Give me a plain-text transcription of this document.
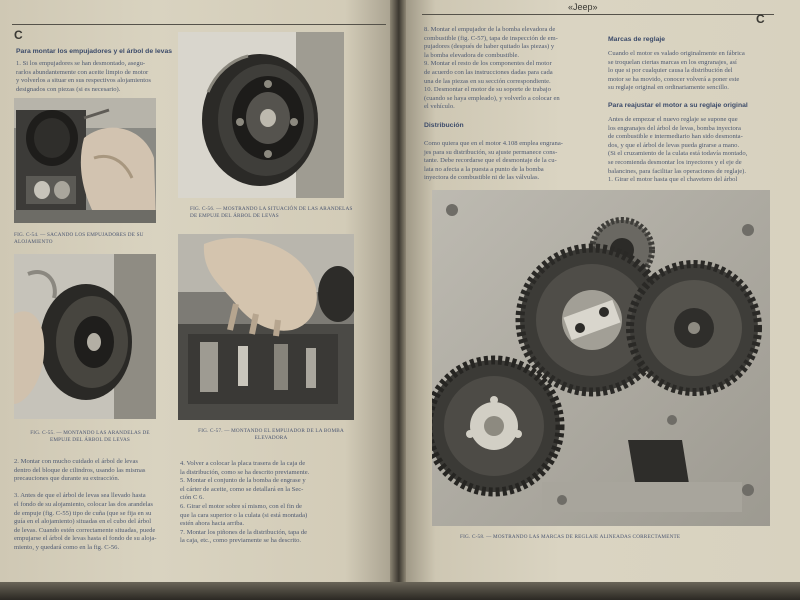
C
Para montar los empujadores y el árbol de levas
1. Si los empujadores se han desmontado, asegu-
rarlos abundantemente con aceite limpio de motor
y volverlos a situar en sus respectivos alojamientos
designados con piezas (si es necesario).
FIG. C-54. — SACANDO LOS EMPUJADORES DE SU ALOJAMIENTO
FIG. C-56. — MOSTRANDO LA SITUACIÓN DE LAS ARANDELAS DE EMPUJE DEL ÁRBOL DE LEVAS
FIG. C-55. — MONTANDO LAS ARANDELAS DE EMPUJE DEL ÁRBOL DE LEVAS
FIG. C-57. — MONTANDO EL EMPUJADOR DE LA BOMBA ELEVADORA
2. Montar con mucho cuidado el árbol de levas
dentro del bloque de cilindros, usando las mismas
precauciones que durante su extracción.

3. Antes de que el árbol de levas sea llevado hasta
el fondo de su alojamiento, colocar las dos arandelas
de empuje (fig. C-55) tipo de cuña (que se fija en su
guía en el alojamiento) situadas en el cubo del árbol
de levas. Cuando estén correctamente situadas, puede
empujarse el árbol de levas hasta el fondo de su aloja-
miento, y quedará como en la fig. C-56.
4. Volver a colocar la placa trasera de la caja de
la distribución, como se ha descrito previamente.
5. Montar el conjunto de la bomba de engrase y
el cárter de aceite, como se detallará en la Sec-
ción C 6.
6. Girar el motor sobre sí mismo, con el fin de
que la cara superior o la culata (si está montada)
estén ahora hacia arriba.
7. Montar los piñones de la distribución, tapa de
la caja, etc., como previamente se ha descrito.
«Jeep»
C
8. Montar el empujador de la bomba elevadora de
combustible (fig. C-57), tapa de inspección de em-
pujadores (después de haber quitado las piezas) y
la bomba elevadora de combustible.
9. Montar el resto de los componentes del motor
de acuerdo con las instrucciones dadas para cada
una de las piezas en su sección correspondiente.
10. Desmontar el motor de su soporte de trabajo
(cuando se haya empleado), y volverlo a colocar en
el vehículo.
Distribución
Como quiera que en el motor 4.108 emplea engrana-
jes para su distribución, su ajuste permanece cons-
tante. Debe recordarse que el desmontaje de la cu-
lata no afecta a la puesta a punto de la bomba
inyectora de combustible ni de las válvulas.
Marcas de reglaje
Cuando el motor es valado originalmente en fábrica
se troquelan ciertas marcas en los engranajes, así
lo que si por cualquier causa la distribución del
motor se ha movido, conocer volverá a poner este
su reglaje original en ordinariamente sencillo.
Para reajustar el motor a su reglaje original
Antes de empezar el nuevo reglaje se supone que
los engranajes del árbol de levas, bomba inyectora
de combustible e intermediario han sido desmonta-
dos, y que el árbol de levas pueda girarse a mano.
(Si el cruzamiento de la culata está todavía montado,
se recomienda desmontar los inyectores y el eje de
balancines, para facilitar las operaciones de reglaje).
1. Girar el motor hasta que el chavetero del árbol
FIG. C-58. — MOSTRANDO LAS MARCAS DE REGLAJE ALINEADAS CORRECTAMENTE
